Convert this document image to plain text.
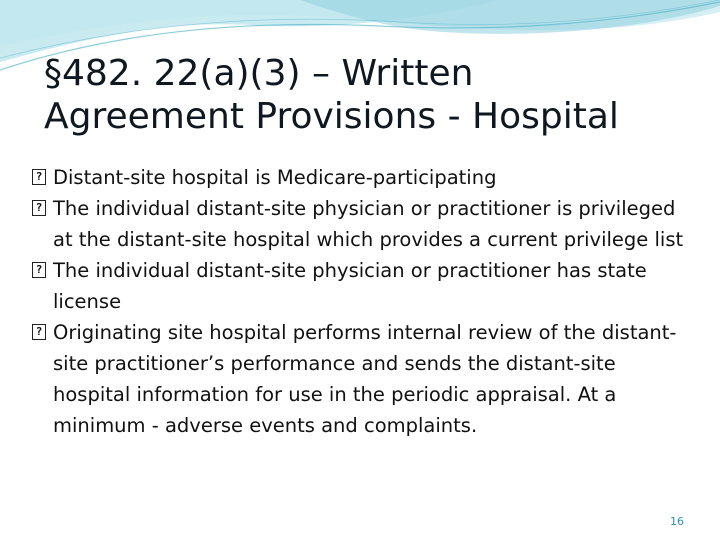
§482. 22(a)(3) – Written
Agreement Provisions - Hospital
?
Distant-site hospital is Medicare-participating
?
The individual distant-site physician or practitioner is privileged at the distant-site hospital which provides a current privilege list
?
The individual distant-site physician or practitioner has state license
?
Originating site hospital performs internal review of the distant-site practitioner’s performance and sends the distant-site hospital information for use in the periodic appraisal. At a minimum - adverse events and complaints.
16
